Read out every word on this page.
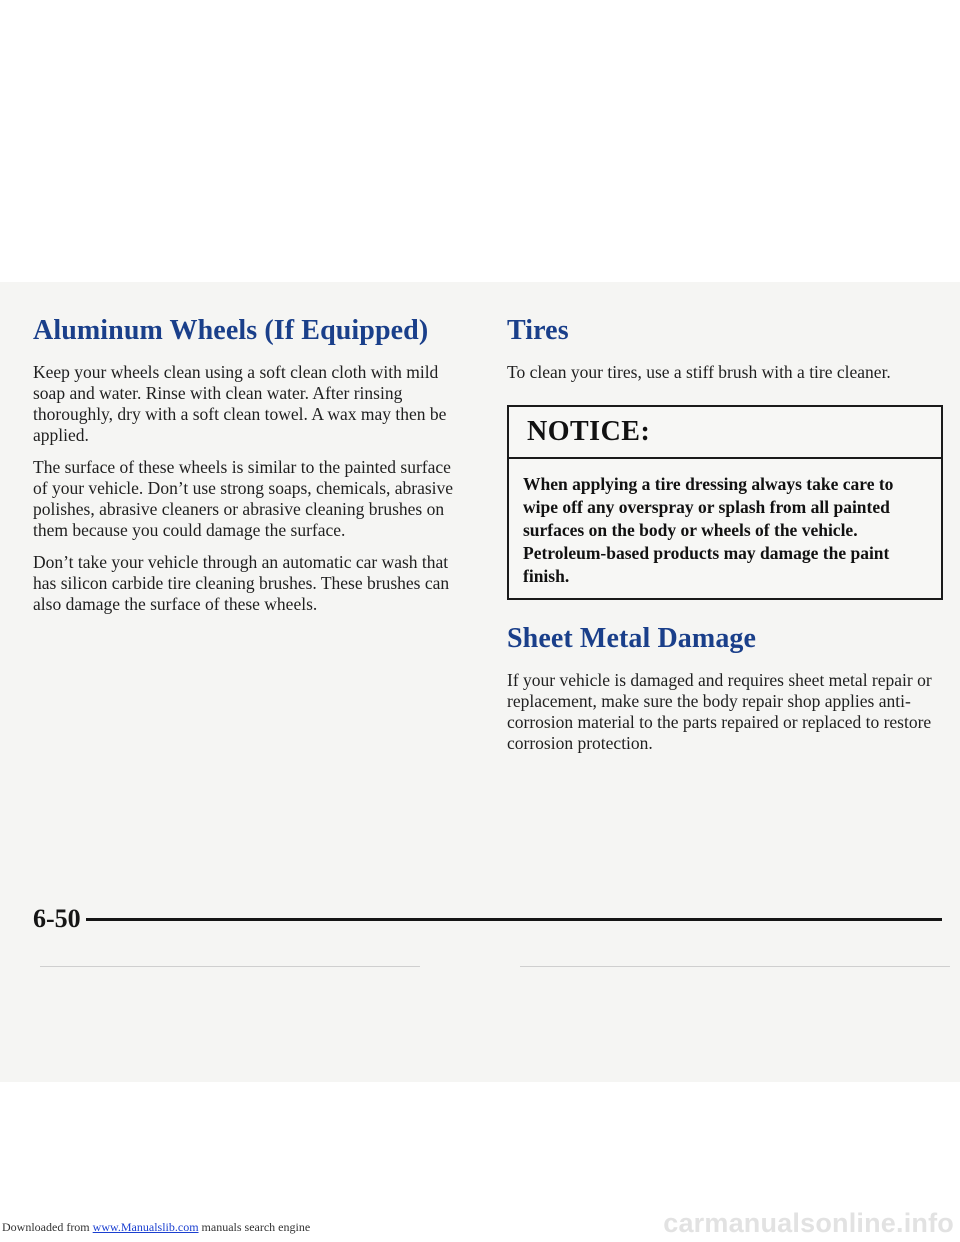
Aluminum Wheels (If Equipped)

Keep your wheels clean using a soft clean cloth with mild soap and water. Rinse with clean water. After rinsing thoroughly, dry with a soft clean towel. A wax may then be applied.

The surface of these wheels is similar to the painted surface of your vehicle. Don’t use strong soaps, chemicals, abrasive polishes, abrasive cleaners or abrasive cleaning brushes on them because you could damage the surface.

Don’t take your vehicle through an automatic car wash that has silicon carbide tire cleaning brushes. These brushes can also damage the surface of these wheels.

Tires

To clean your tires, use a stiff brush with a tire cleaner.

NOTICE:
When applying a tire dressing always take care to wipe off any overspray or splash from all painted surfaces on the body or wheels of the vehicle. Petroleum-based products may damage the paint finish.
Sheet Metal Damage

If your vehicle is damaged and requires sheet metal repair or replacement, make sure the body repair shop applies anti-corrosion material to the parts repaired or replaced to restore corrosion protection.

6-50
Downloaded from www.Manualslib.com manuals search engine	carmanualsonline.info
